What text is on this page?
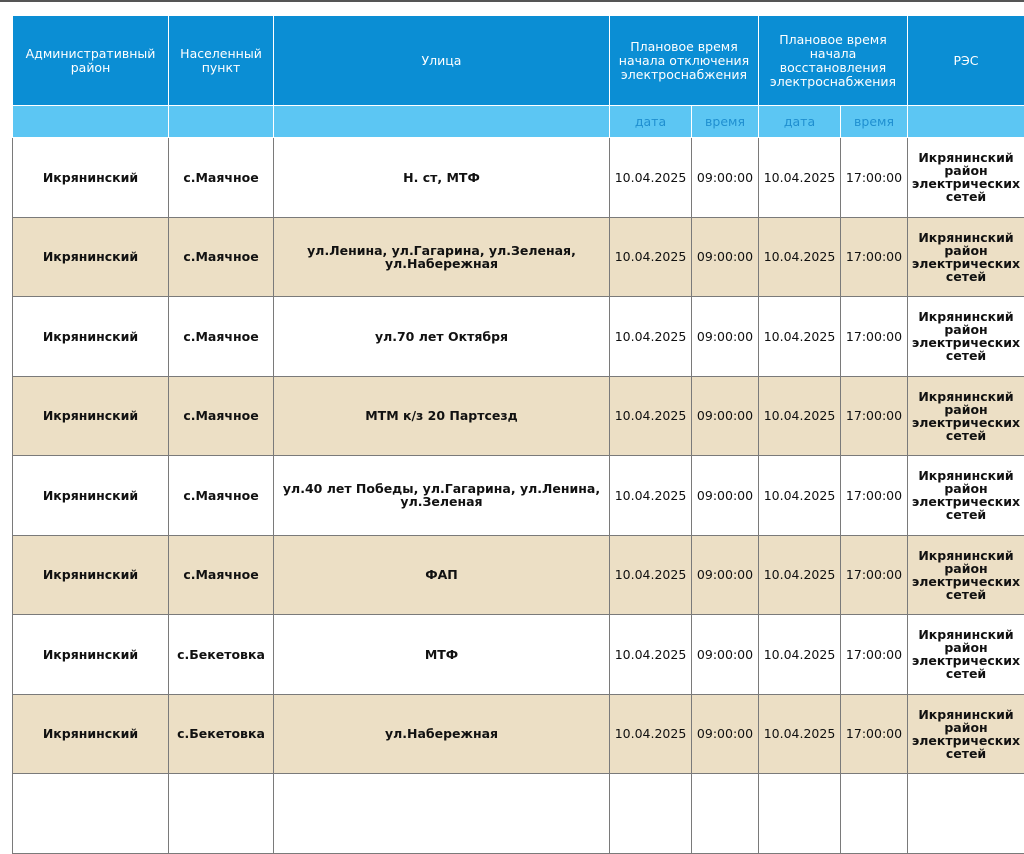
Административный район	Населенный пункт	Улица	Плановое время начала отключения электроснабжения		Плановое время начала восстановления электроснабжения		РЭС
			дата	время	дата	время	
Икрянинский	с.Маячное	Н. ст, МТФ	10.04.2025	09:00:00	10.04.2025	17:00:00	Икрянинский район электрических сетей
Икрянинский	с.Маячное	ул.Ленина, ул.Гагарина, ул.Зеленая, ул.Набережная	10.04.2025	09:00:00	10.04.2025	17:00:00	Икрянинский район электрических сетей
Икрянинский	с.Маячное	ул.70 лет Октября	10.04.2025	09:00:00	10.04.2025	17:00:00	Икрянинский район электрических сетей
Икрянинский	с.Маячное	МТМ к/з 20 Партсезд	10.04.2025	09:00:00	10.04.2025	17:00:00	Икрянинский район электрических сетей
Икрянинский	с.Маячное	ул.40 лет Победы, ул.Гагарина, ул.Ленина, ул.Зеленая	10.04.2025	09:00:00	10.04.2025	17:00:00	Икрянинский район электрических сетей
Икрянинский	с.Маячное	ФАП	10.04.2025	09:00:00	10.04.2025	17:00:00	Икрянинский район электрических сетей
Икрянинский	с.Бекетовка	МТФ	10.04.2025	09:00:00	10.04.2025	17:00:00	Икрянинский район электрических сетей
Икрянинский	с.Бекетовка	ул.Набережная	10.04.2025	09:00:00	10.04.2025	17:00:00	Икрянинский район электрических сетей
